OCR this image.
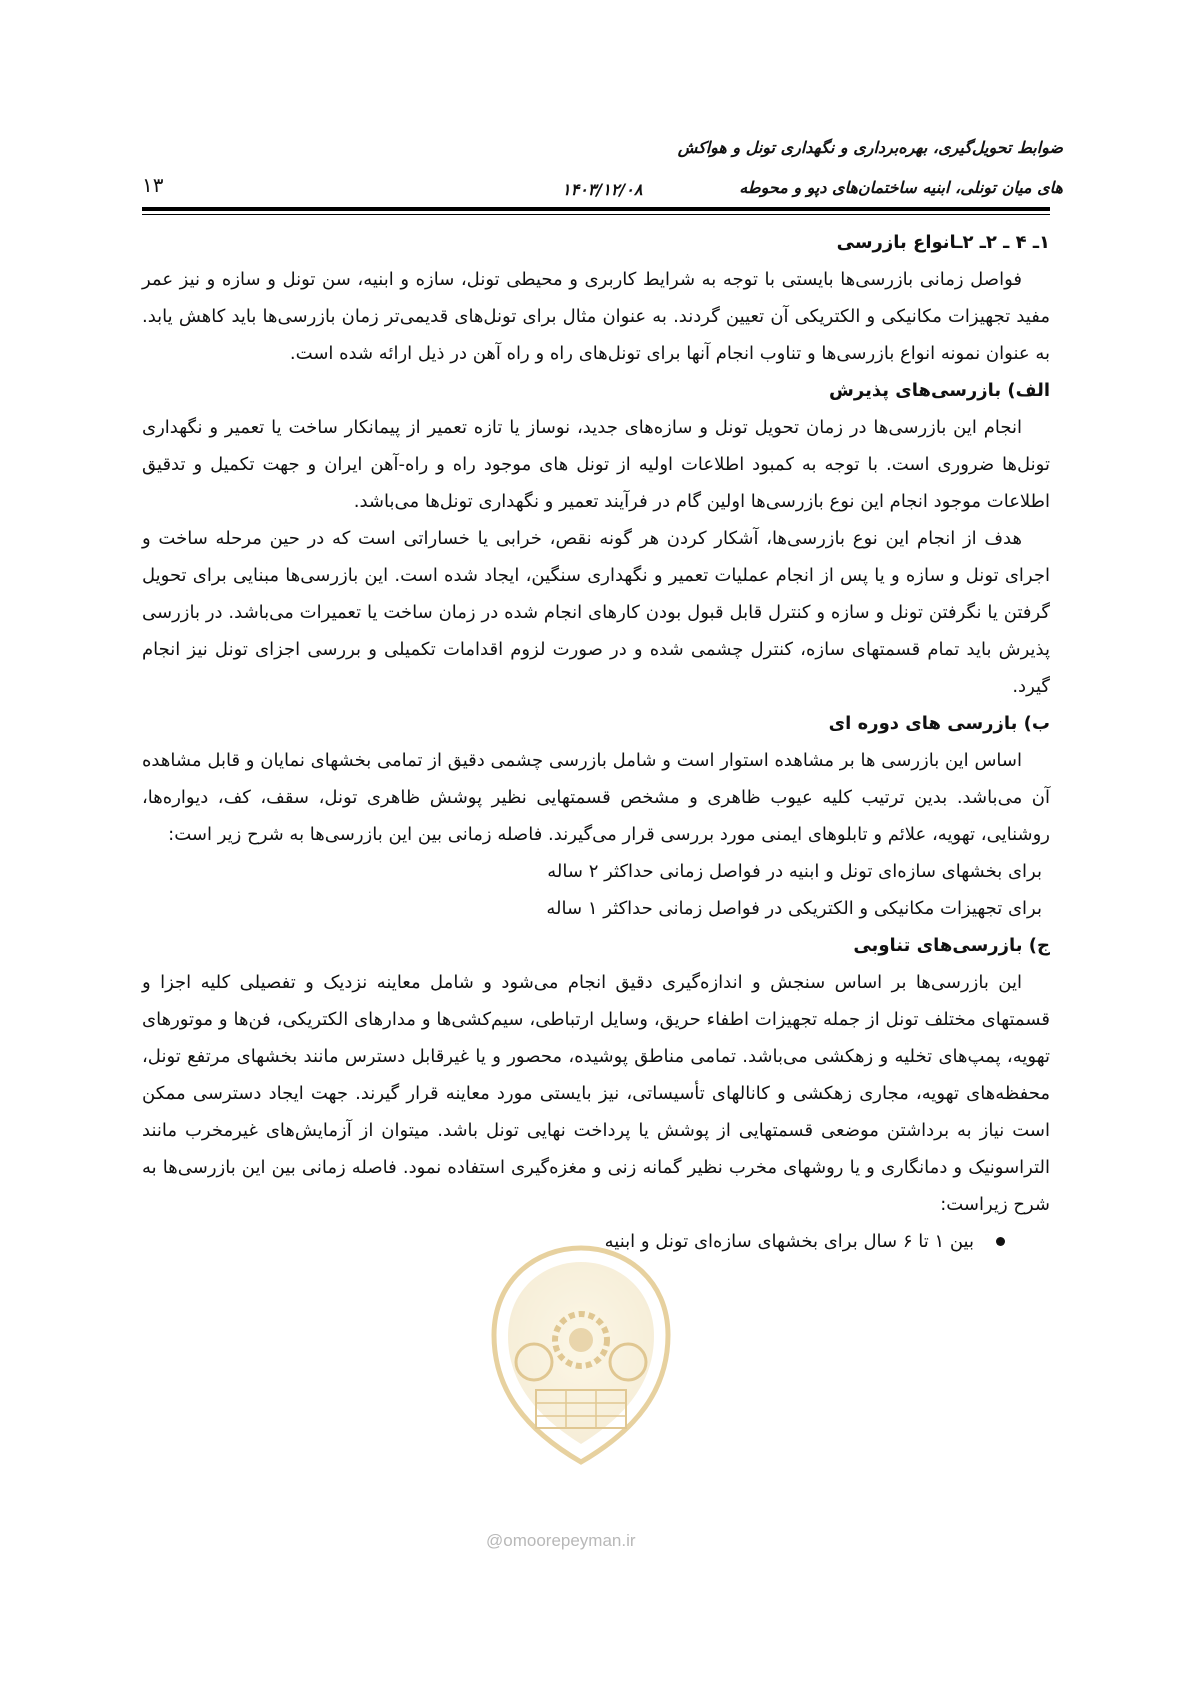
ضوابط تحویل‌گیری، بهره‌برداری و نگهداری تونل و هواکش
های میان تونلی، ابنیه ساختمان‌های دپو و محوطه
۱۴۰۳/۱۲/۰۸
۱۳

۱ـ ۴ ـ ۲ـ ۲ـانواع بازرسی

فواصل زمانی بازرسی‌ها بایستی با توجه به شرایط کاربری و محیطی تونل، سازه و ابنیه، سن تونل و سازه و نیز عمر مفید تجهیزات مکانیکی و الکتریکی آن تعیین گردند. به عنوان مثال برای تونل‌های قدیمی‌تر زمان بازرسی‌ها باید کاهش یابد. به عنوان نمونه انواع بازرسی‌ها و تناوب انجام آنها برای تونل‌های راه و راه آهن در ذیل ارائه شده است.

الف) بازرسی‌های پذیرش

انجام این بازرسی‌ها در زمان تحویل تونل و سازه‌های جدید، نوساز یا تازه تعمیر از پیمانکار ساخت یا تعمیر و نگهداری تونل‌ها ضروری است. با توجه به کمبود اطلاعات اولیه از تونل های موجود راه و راه-آهن ایران و جهت تکمیل و تدقیق اطلاعات موجود انجام این نوع بازرسی‌ها اولین گام در فرآیند تعمیر و نگهداری تونل‌ها می‌باشد.

هدف از انجام این نوع بازرسی‌ها، آشکار کردن هر گونه نقص، خرابی یا خساراتی است که در حین مرحله ساخت و اجرای تونل و سازه و یا پس از انجام عملیات تعمیر و نگهداری سنگین، ایجاد شده است. این بازرسی‌ها مبنایی برای تحویل گرفتن یا نگرفتن تونل و سازه و کنترل قابل قبول بودن کارهای انجام شده در زمان ساخت یا تعمیرات می‌باشد. در بازرسی پذیرش باید تمام قسمتهای سازه، کنترل چشمی شده و در صورت لزوم اقدامات تکمیلی و بررسی اجزای تونل نیز انجام گیرد.

ب) بازرسی های دوره ای

اساس این بازرسی ها بر مشاهده استوار است و شامل بازرسی چشمی دقیق از تمامی بخشهای نمایان و قابل مشاهده آن می‌باشد. بدین ترتیب کلیه عیوب ظاهری و مشخص قسمتهایی نظیر پوشش ظاهری تونل، سقف، کف، دیواره‌ها، روشنایی، تهویه، علائم و تابلوهای ایمنی مورد بررسی قرار می‌گیرند. فاصله زمانی بین این بازرسی‌ها به شرح زیر است:

برای بخشهای سازه‌ای تونل و ابنیه در فواصل زمانی حداکثر ۲ ساله

برای تجهیزات مکانیکی و الکتریکی در فواصل زمانی حداکثر ۱ ساله

ج) بازرسی‌های تناوبی

این بازرسی‌ها بر اساس سنجش و اندازه‌گیری دقیق انجام می‌شود و شامل معاینه نزدیک و تفصیلی کلیه اجزا و قسمتهای مختلف تونل از جمله تجهیزات اطفاء حریق، وسایل ارتباطی، سیم‌کشی‌ها و مدارهای الکتریکی، فن‌ها و موتورهای تهویه، پمپ‌های تخلیه و زهکشی می‌باشد. تمامی مناطق پوشیده، محصور و یا غیرقابل دسترس مانند بخشهای مرتفع تونل، محفظه‌های تهویه، مجاری زهکشی و کانالهای تأسیساتی، نیز بایستی مورد معاینه قرار گیرند. جهت ایجاد دسترسی ممکن است نیاز به برداشتن موضعی قسمتهایی از پوشش یا پرداخت نهایی تونل باشد. میتوان از آزمایش‌های غیرمخرب مانند التراسونیک و دمانگاری و یا روشهای مخرب نظیر گمانه زنی و مغزه‌گیری استفاده نمود. فاصله زمانی بین این بازرسی‌ها به شرح زیراست:

بین ۱ تا ۶ سال برای بخشهای سازه‌ای تونل و ابنیه
@omoorepeyman.ir
